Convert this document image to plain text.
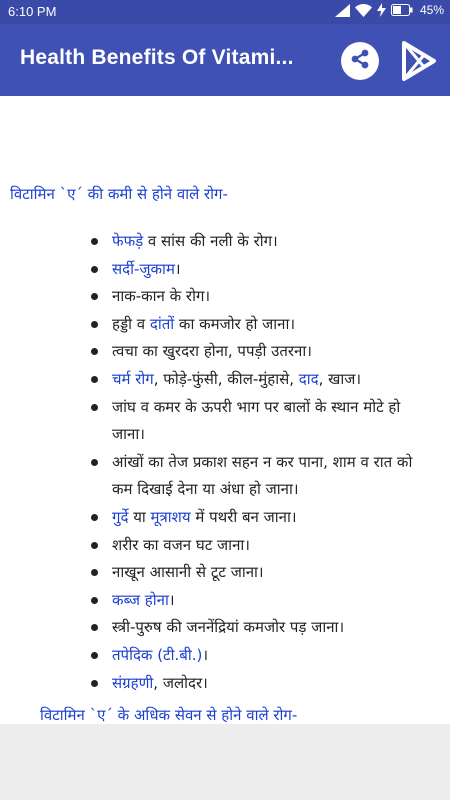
6:10 PM	45%
Health Benefits Of Vitami...
विटामिन `ए´ की कमी से होने वाले रोग-
फेफड़े व सांस की नली के रोग।
सर्दी-जुकाम।
नाक-कान के रोग।
हड्डी व दांतों का कमजोर हो जाना।
त्वचा का खुरदरा होना, पपड़ी उतरना।
चर्म रोग, फोड़े-फुंसी, कील-मुंहासे, दाद, खाज।
जांघ व कमर के ऊपरी भाग पर बालों के स्थान मोटे हो जाना।
आंखों का तेज प्रकाश सहन न कर पाना, शाम व रात को कम दिखाई देना या अंधा हो जाना।
गुर्दे या मूत्राशय में पथरी बन जाना।
शरीर का वजन घट जाना।
नाखून आसानी से टूट जाना।
कब्ज होना।
स्त्री-पुरुष की जननेंद्रियां कमजोर पड़ जाना।
तपेदिक (टी.बी.)।
संग्रहणी, जलोदर।
विटामिन `ए´ के अधिक सेवन से होने वाले रोग-
